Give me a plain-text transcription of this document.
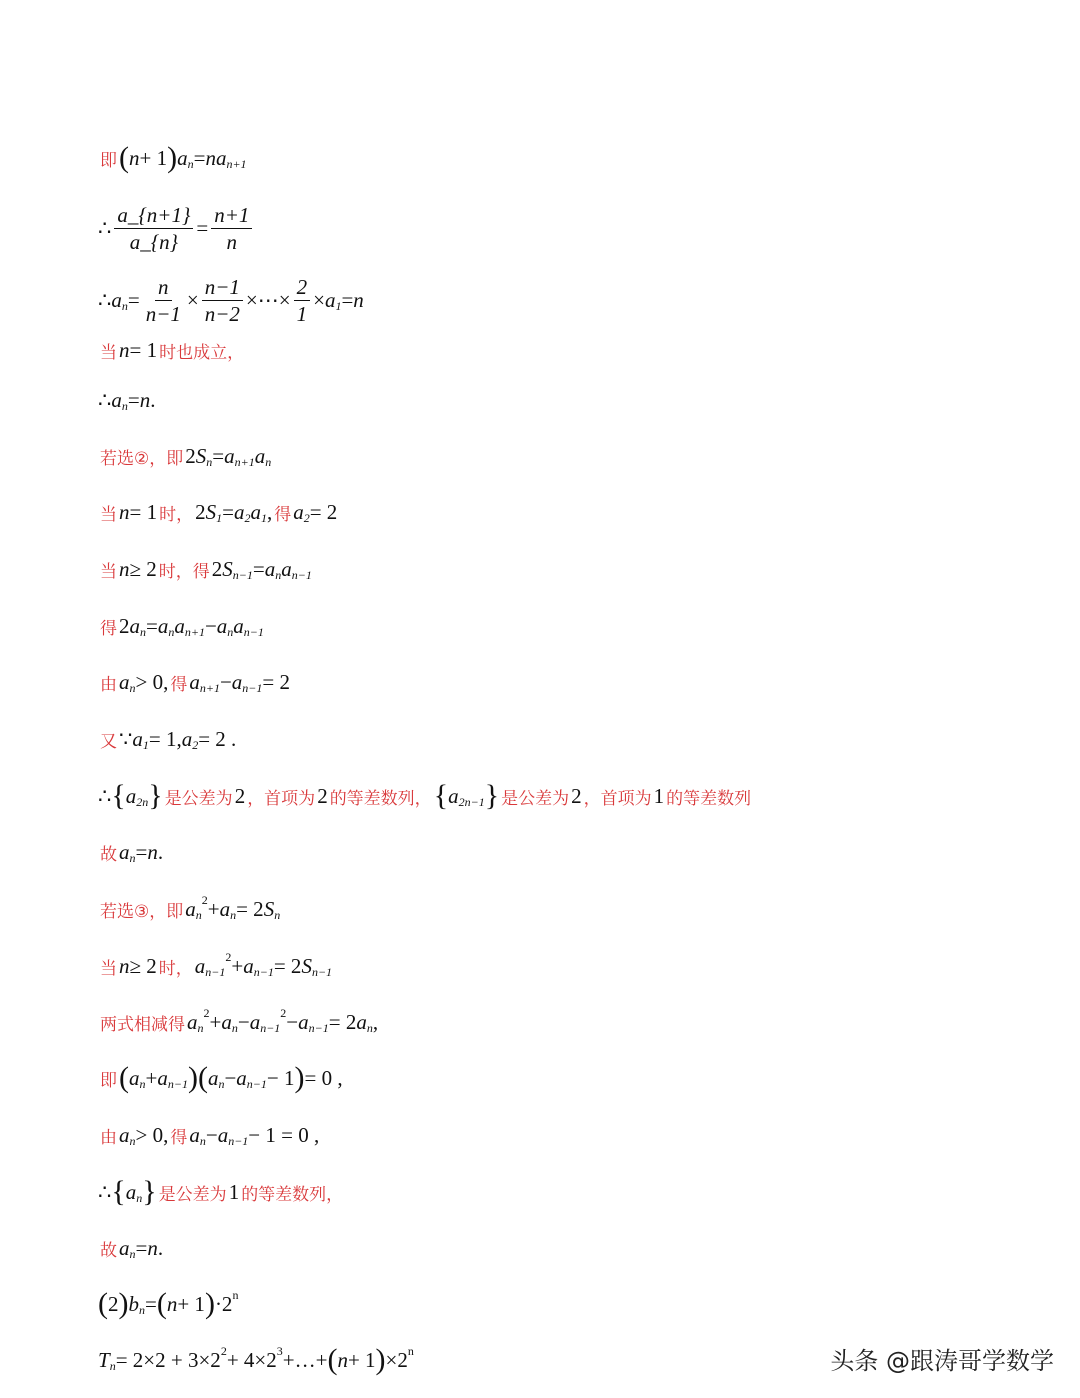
即 ( n + 1 ) a n = na n+1
∴ $\frac{a\_\{n+1\}}{a\_\{n\}} = \frac{n+1}{n}$
∴ a $n = \frac{n}{n-1} \times \frac{n-1}{n-2}$ ×⋯× $\frac{2}{1} \times a$ 1 = n
当 n = 1 时也成立，
∴ a n = n .
若选②，即 2 S n = a n+1 a n
当 n = 1 时， 2 S 1 = a 2 a 1 , 得 a 2 = 2
当 n ≥ 2 时，得 2 S n−1 = a n a n−1
得 2 a n = a n a n+1 − a n a n−1
由 a n > 0, 得 a n+1 − a n−1 = 2
又 ∵ a 1 = 1, a 2 = 2 .
∴ { a 2n } 是公差为 2 ，首项为 2 的等差数列， { a 2n−1 } 是公差为 2 ，首项为 1 的等差数列
故 a n = n .
若选③，即 a n
2 + a n = 2 S n
当 n ≥ 2 时， a n−1
2 + a n−1 = 2 S n−1
两式相减得 a n
2 + a n − a n−1
2 − a n−1 = 2 a n ,
即 ( a n + a n−1 ) ( a n − a n−1 − 1 ) = 0 ,
由 a n > 0, 得 a n − a n−1 − 1 = 0 ,
∴ { a n } 是公差为 1 的等差数列，
故 a n = n .
( 2 ) b n = ( n + 1 ) ·2 n
T n = 2×2 + 3×2 2 + 4×2 3 +…+ ( n + 1 ) ×2 n	头条 @跟涛哥学数学
